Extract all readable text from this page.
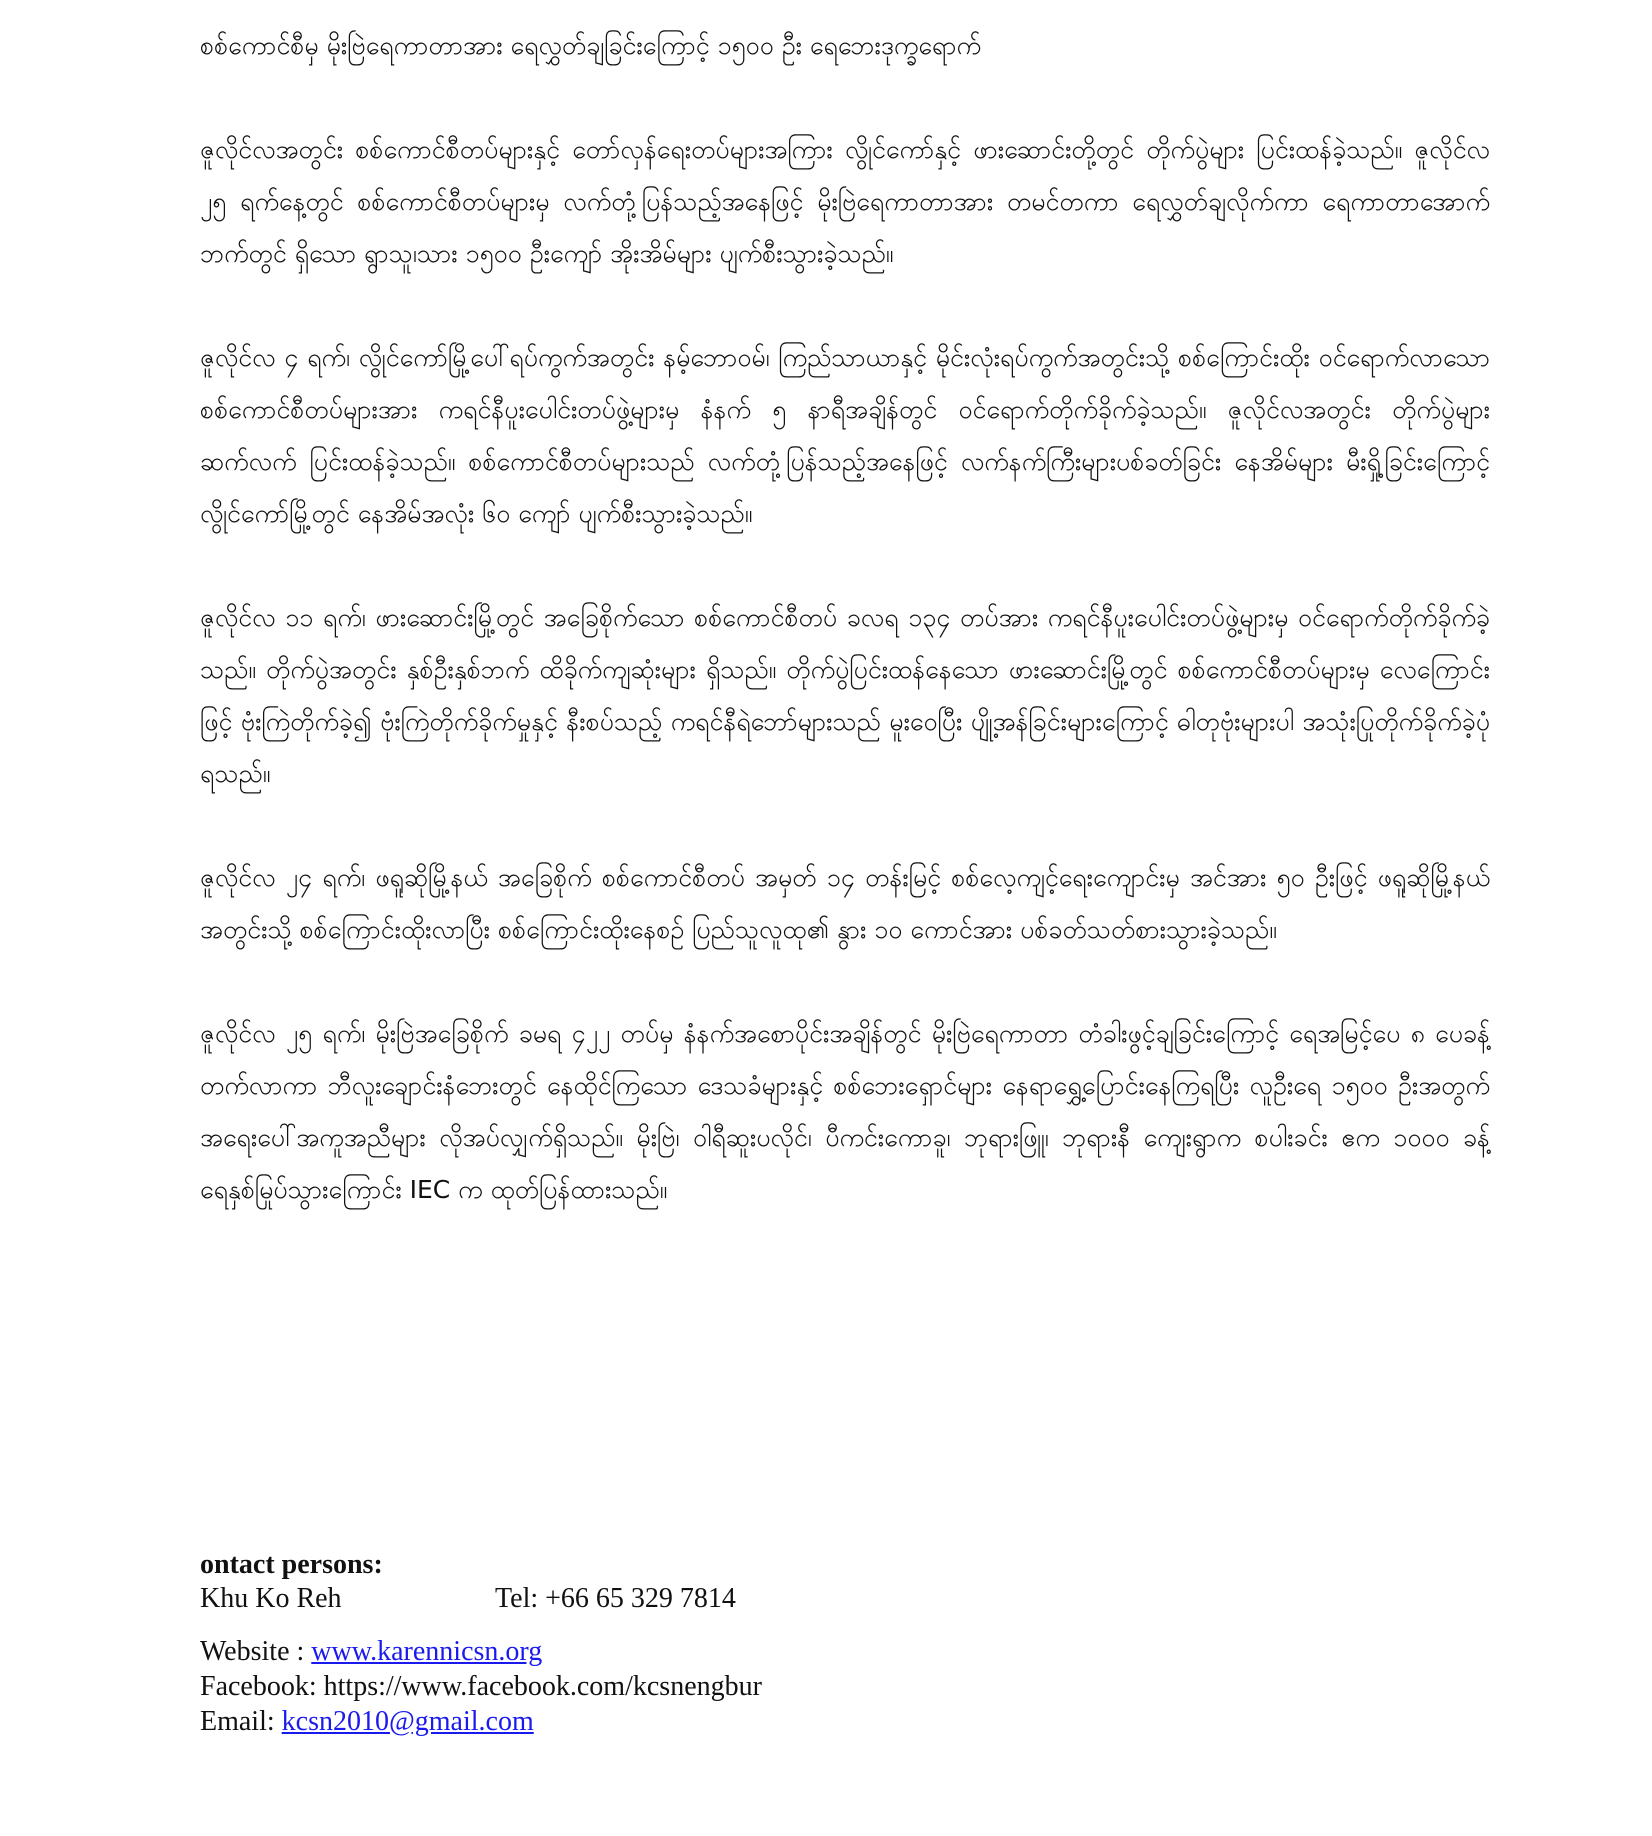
စစ်ကောင်စီမှ မိုးဗြဲရေကာတာအား ရေလွှတ်ချခြင်းကြောင့် ၁၅၀၀ ဦး ရေဘေးဒုက္ခရောက်

ဇူလိုင်လအတွင်း စစ်ကောင်စီတပ်များနှင့် တော်လှန်ရေးတပ်များအကြား လွိုင်ကော်နှင့် ဖားဆောင်းတို့တွင် တိုက်ပွဲများ ပြင်းထန်ခဲ့သည်။ ဇူလိုင်လ ၂၅ ရက်နေ့တွင် စစ်ကောင်စီတပ်များမှ လက်တုံ့ပြန်သည့်အနေဖြင့် မိုးဗြဲရေကာတာအား တမင်တကာ ရေလွှတ်ချလိုက်ကာ ရေကာတာအောက်ဘက်တွင် ရှိသော ရွာသူ၊သား ၁၅၀၀ ဦးကျော် အိုးအိမ်များ ပျက်စီးသွားခဲ့သည်။

ဇူလိုင်လ ၄ ရက်၊ လွိုင်ကော်မြို့ပေါ်ရပ်ကွက်အတွင်း နမ့်ဘောဝမ်၊ ကြည်သာယာနှင့် မိုင်းလုံးရပ်ကွက်အတွင်းသို့ စစ်ကြောင်းထိုး ဝင်ရောက်လာသော စစ်ကောင်စီတပ်များအား ကရင်နီပူးပေါင်းတပ်ဖွဲ့များမှ နံနက် ၅ နာရီအချိန်တွင် ဝင်ရောက်တိုက်ခိုက်ခဲ့သည်။ ဇူလိုင်လအတွင်း တိုက်ပွဲများဆက်လက် ပြင်းထန်ခဲ့သည်။ စစ်ကောင်စီတပ်များသည် လက်တုံ့ပြန်သည့်အနေဖြင့် လက်နက်ကြီးများပစ်ခတ်ခြင်း နေအိမ်များ မီးရှို့ခြင်းကြောင့် လွိုင်ကော်မြို့တွင် နေအိမ်အလုံး ၆၀ ကျော် ပျက်စီးသွားခဲ့သည်။

ဇူလိုင်လ ၁၁ ရက်၊ ဖားဆောင်းမြို့တွင် အခြေစိုက်သော စစ်ကောင်စီတပ် ခလရ ၁၃၄ တပ်အား ကရင်နီပူးပေါင်းတပ်ဖွဲ့များမှ ဝင်ရောက်တိုက်ခိုက်ခဲ့သည်။ တိုက်ပွဲအတွင်း နှစ်ဦးနှစ်ဘက် ထိခိုက်ကျဆုံးများ ရှိသည်။ တိုက်ပွဲပြင်းထန်နေသော ဖားဆောင်းမြို့တွင် စစ်ကောင်စီတပ်များမှ လေကြောင်းဖြင့် ဗုံးကြဲတိုက်ခဲ့၍ ဗုံးကြဲတိုက်ခိုက်မှုနှင့် နီးစပ်သည့် ကရင်နီရဲဘော်များသည် မူးဝေပြီး ပျို့အန်ခြင်းများကြောင့် ဓါတုဗုံးများပါ အသုံးပြုတိုက်ခိုက်ခဲ့ပုံရသည်။

ဇူလိုင်လ ၂၄ ရက်၊ ဖရူဆိုမြို့နယ် အခြေစိုက် စစ်ကောင်စီတပ် အမှတ် ၁၄ တန်းမြင့် စစ်လေ့ကျင့်ရေးကျောင်းမှ အင်အား ၅၀ ဦးဖြင့် ဖရူဆိုမြို့နယ်အတွင်းသို့ စစ်ကြောင်းထိုးလာပြီး စစ်ကြောင်းထိုးနေစဉ် ပြည်သူလူထု၏ နွား ၁၀ ကောင်အား ပစ်ခတ်သတ်စားသွားခဲ့သည်။

ဇူလိုင်လ ၂၅ ရက်၊ မိုးဗြဲအခြေစိုက် ခမရ ၄၂၂ တပ်မှ နံနက်အစောပိုင်းအချိန်တွင် မိုးဗြဲရေကာတာ တံခါးဖွင့်ချခြင်းကြောင့် ရေအမြင့်ပေ ၈ ပေခန့်တက်လာကာ ဘီလူးချောင်းနံဘေးတွင် နေထိုင်ကြသော ဒေသခံများနှင့် စစ်ဘေးရှောင်များ နေရာရွှေ့ပြောင်းနေကြရပြီး လူဦးရေ ၁၅၀၀ ဦးအတွက် အရေးပေါ်အကူအညီများ လိုအပ်လျှက်ရှိသည်။ မိုးဗြဲ၊ ဝါရီဆူးပလိုင်၊ ပီကင်းကောခူ၊ ဘုရားဖြူ၊ ဘုရားနီ ကျေးရွာက စပါးခင်း ဧက ၁၀၀၀ ခန့် ရေနှစ်မြုပ်သွားကြောင်း IEC က ထုတ်ပြန်ထားသည်။

ontact persons:
Khu Ko Reh	Tel: +66 65 329 7814
Website : www.karennicsn.org
Facebook: https://www.facebook.com/kcsnengbur
Email: kcsn2010@gmail.com
